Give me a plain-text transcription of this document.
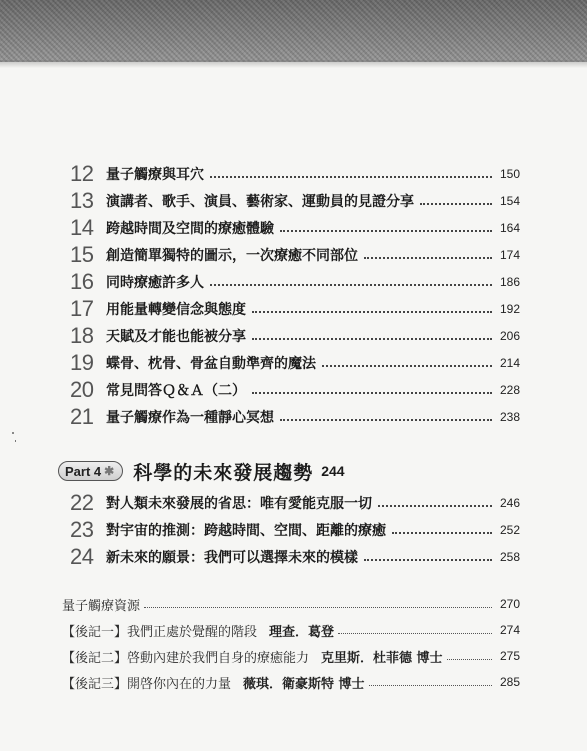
12 量子觸療與耳穴	150
13 演講者、歌手、演員、藝術家、運動員的見證分享	154
14 跨越時間及空間的療癒體驗	164
15 創造簡單獨特的圖示，一次療癒不同部位	174
16 同時療癒許多人	186
17 用能量轉變信念與態度	192
18 天賦及才能也能被分享	206
19 蝶骨、枕骨、骨盆自動準齊的魔法	214
20 常見問答Ｑ＆Ａ（二）	228
21 量子觸療作為一種靜心冥想	238
Part 4 ✱ 科學的未來發展趨勢 244
22 對人類未來發展的省思：唯有愛能克服一切	246
23 對宇宙的推測：跨越時間、空間、距離的療癒	252
24 新未來的願景：我們可以選擇未來的模樣	258
量子觸療資源	270
【後記一】我們正處於覺醒的階段 理查．葛登	274
【後記二】啓動內建於我們自身的療癒能力 克里斯．杜菲德 博士	275
【後記三】開啓你內在的力量 薇琪．衛豪斯特 博士	285
